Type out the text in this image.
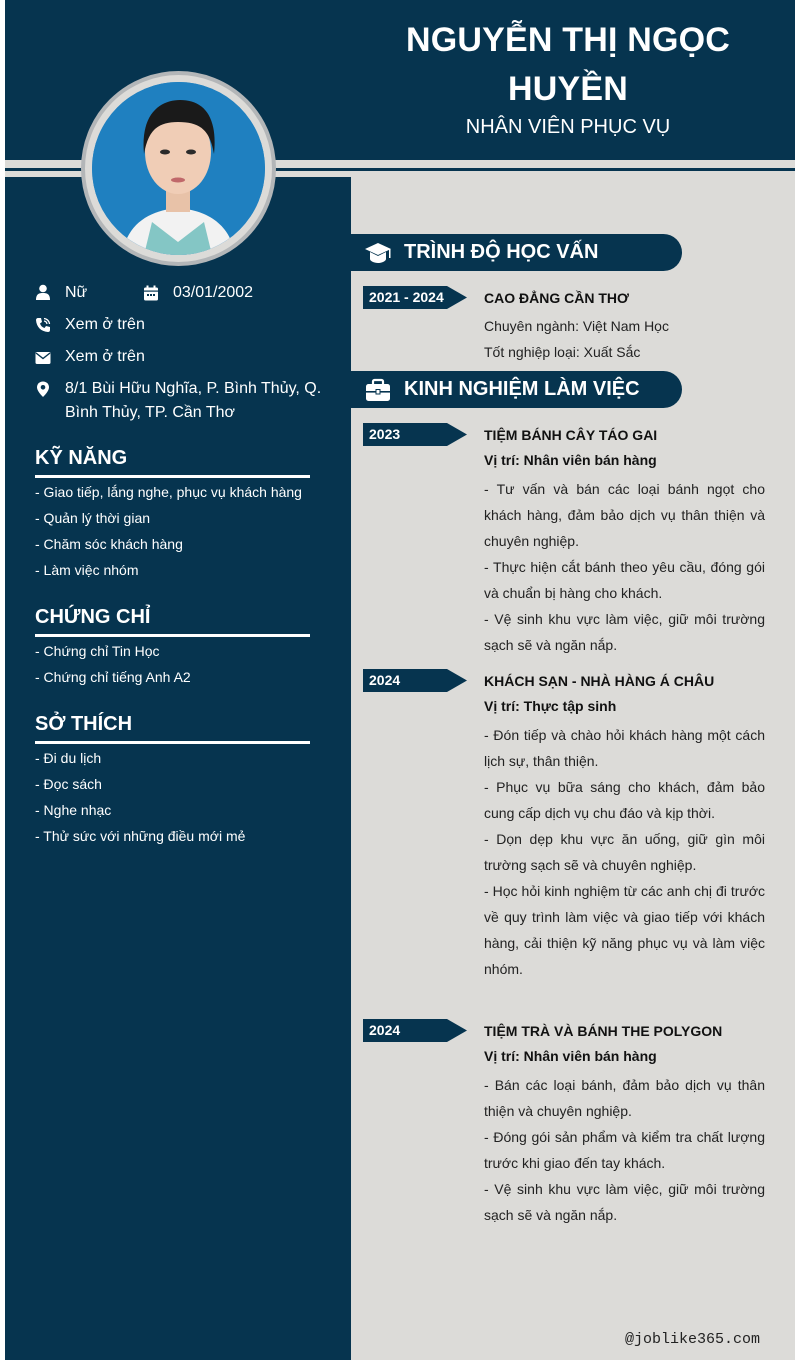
NGUYỄN THỊ NGỌC
HUYỀN
NHÂN VIÊN PHỤC VỤ
Nữ	03/01/2002
Xem ở trên
Xem ở trên
8/1 Bùi Hữu Nghĩa, P. Bình Thủy, Q.
Bình Thủy, TP. Cần Thơ
KỸ NĂNG
- Giao tiếp, lắng nghe, phục vụ khách hàng
- Quản lý thời gian
- Chăm sóc khách hàng
- Làm việc nhóm
CHỨNG CHỈ
- Chứng chỉ Tin Học
- Chứng chỉ tiếng Anh A2
SỞ THÍCH
- Đi du lịch
- Đọc sách
- Nghe nhạc
- Thử sức với những điều mới mẻ
TRÌNH ĐỘ HỌC VẤN
2021 - 2024	CAO ĐẲNG CẦN THƠ
Chuyên ngành: Việt Nam Học
Tốt nghiệp loại: Xuất Sắc
KINH NGHIỆM LÀM VIỆC
2023	TIỆM BÁNH CÂY TÁO GAI
Vị trí: Nhân viên bán hàng
- Tư vấn và bán các loại bánh ngọt cho khách hàng, đảm bảo dịch vụ thân thiện và chuyên nghiệp.
- Thực hiện cắt bánh theo yêu cầu, đóng gói và chuẩn bị hàng cho khách.
- Vệ sinh khu vực làm việc, giữ môi trường sạch sẽ và ngăn nắp.
2024	KHÁCH SẠN - NHÀ HÀNG Á CHÂU
Vị trí: Thực tập sinh
- Đón tiếp và chào hỏi khách hàng một cách lịch sự, thân thiện.
- Phục vụ bữa sáng cho khách, đảm bảo cung cấp dịch vụ chu đáo và kịp thời.
- Dọn dẹp khu vực ăn uống, giữ gìn môi trường sạch sẽ và chuyên nghiệp.
- Học hỏi kinh nghiệm từ các anh chị đi trước về quy trình làm việc và giao tiếp với khách hàng, cải thiện kỹ năng phục vụ và làm việc nhóm.
2024	TIỆM TRÀ VÀ BÁNH THE POLYGON
Vị trí: Nhân viên bán hàng
- Bán các loại bánh, đảm bảo dịch vụ thân thiện và chuyên nghiệp.
- Đóng gói sản phẩm và kiểm tra chất lượng trước khi giao đến tay khách.
- Vệ sinh khu vực làm việc, giữ môi trường sạch sẽ và ngăn nắp.
@joblike365.com
